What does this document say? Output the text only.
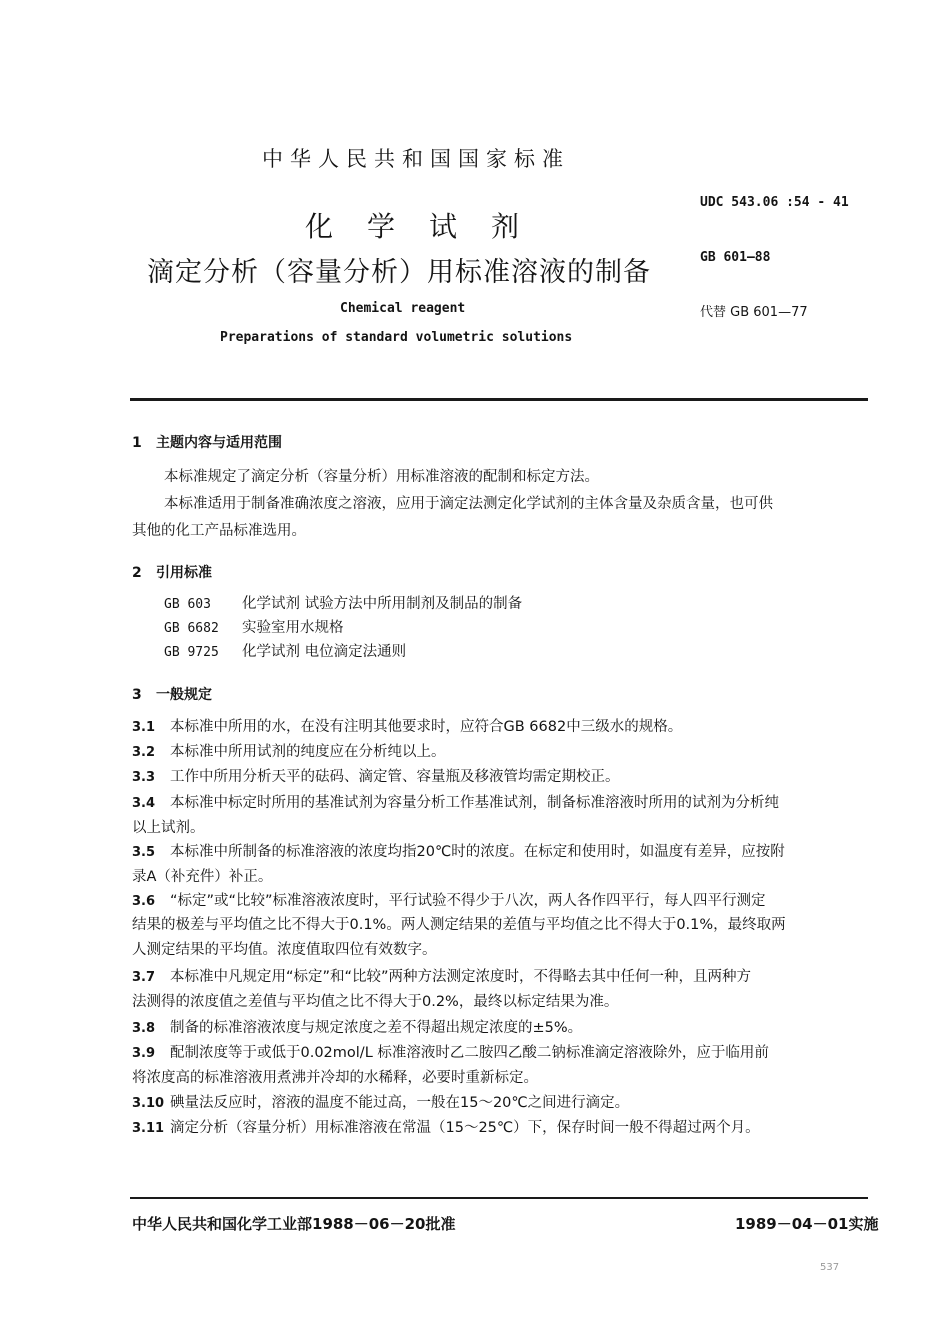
中华人民共和国国家标准
化学试剂
滴定分析（容量分析）用标准溶液的制备
Chemical reagent
Preparations of standard volumetric solutions
UDC 543.06 :54 - 41
GB 601—88
代替 GB 601—77
1 主题内容与适用范围
本标准规定了滴定分析（容量分析）用标准溶液的配制和标定方法。
本标准适用于制备准确浓度之溶液，应用于滴定法测定化学试剂的主体含量及杂质含量，也可供
其他的化工产品标准选用。
2 引用标准
GB 603 化学试剂 试验方法中所用制剂及制品的制备
GB 6682 实验室用水规格
GB 9725 化学试剂 电位滴定法通则
3 一般规定
3.1 本标准中所用的水，在没有注明其他要求时，应符合GB 6682中三级水的规格。
3.2 本标准中所用试剂的纯度应在分析纯以上。
3.3 工作中所用分析天平的砝码、滴定管、容量瓶及移液管均需定期校正。
3.4 本标准中标定时所用的基准试剂为容量分析工作基准试剂，制备标准溶液时所用的试剂为分析纯
以上试剂。
3.5 本标准中所制备的标准溶液的浓度均指20℃时的浓度。在标定和使用时，如温度有差异，应按附
录A（补充件）补正。
3.6 “标定”或“比较”标准溶液浓度时，平行试验不得少于八次，两人各作四平行，每人四平行测定
结果的极差与平均值之比不得大于0.1%。两人测定结果的差值与平均值之比不得大于0.1%，最终取两
人测定结果的平均值。浓度值取四位有效数字。
3.7 本标准中凡规定用“标定”和“比较”两种方法测定浓度时，不得略去其中任何一种，且两种方
法测得的浓度值之差值与平均值之比不得大于0.2%，最终以标定结果为准。
3.8 制备的标准溶液浓度与规定浓度之差不得超出规定浓度的±5%。
3.9 配制浓度等于或低于0.02mol/L 标准溶液时乙二胺四乙酸二钠标准滴定溶液除外，应于临用前
将浓度高的标准溶液用煮沸并冷却的水稀释，必要时重新标定。
3.10 碘量法反应时，溶液的温度不能过高，一般在15～20℃之间进行滴定。
3.11 滴定分析（容量分析）用标准溶液在常温（15～25℃）下，保存时间一般不得超过两个月。
中华人民共和国化学工业部1988－06－20批准	1989－04－01实施
537
